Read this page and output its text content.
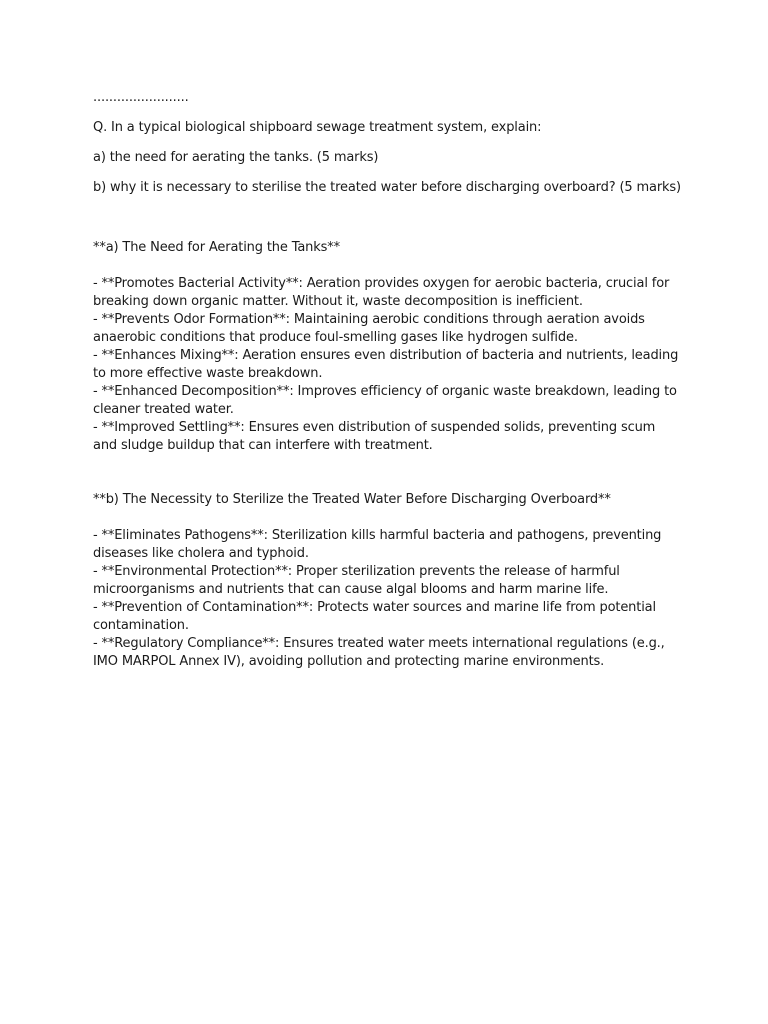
........................
Q. In a typical biological shipboard sewage treatment system, explain:
a) the need for aerating the tanks. (5 marks)
b) why it is necessary to sterilise the treated water before discharging overboard? (5 marks)
**a) The Need for Aerating the Tanks**
- **Promotes Bacterial Activity**: Aeration provides oxygen for aerobic bacteria, crucial for breaking down organic matter. Without it, waste decomposition is inefficient.
- **Prevents Odor Formation**: Maintaining aerobic conditions through aeration avoids anaerobic conditions that produce foul-smelling gases like hydrogen sulfide.
- **Enhances Mixing**: Aeration ensures even distribution of bacteria and nutrients, leading to more effective waste breakdown.
- **Enhanced Decomposition**: Improves efficiency of organic waste breakdown, leading to cleaner treated water.
- **Improved Settling**: Ensures even distribution of suspended solids, preventing scum and sludge buildup that can interfere with treatment.
**b) The Necessity to Sterilize the Treated Water Before Discharging Overboard**
- **Eliminates Pathogens**: Sterilization kills harmful bacteria and pathogens, preventing diseases like cholera and typhoid.
- **Environmental Protection**: Proper sterilization prevents the release of harmful microorganisms and nutrients that can cause algal blooms and harm marine life.
- **Prevention of Contamination**: Protects water sources and marine life from potential contamination.
- **Regulatory Compliance**: Ensures treated water meets international regulations (e.g., IMO MARPOL Annex IV), avoiding pollution and protecting marine environments.
